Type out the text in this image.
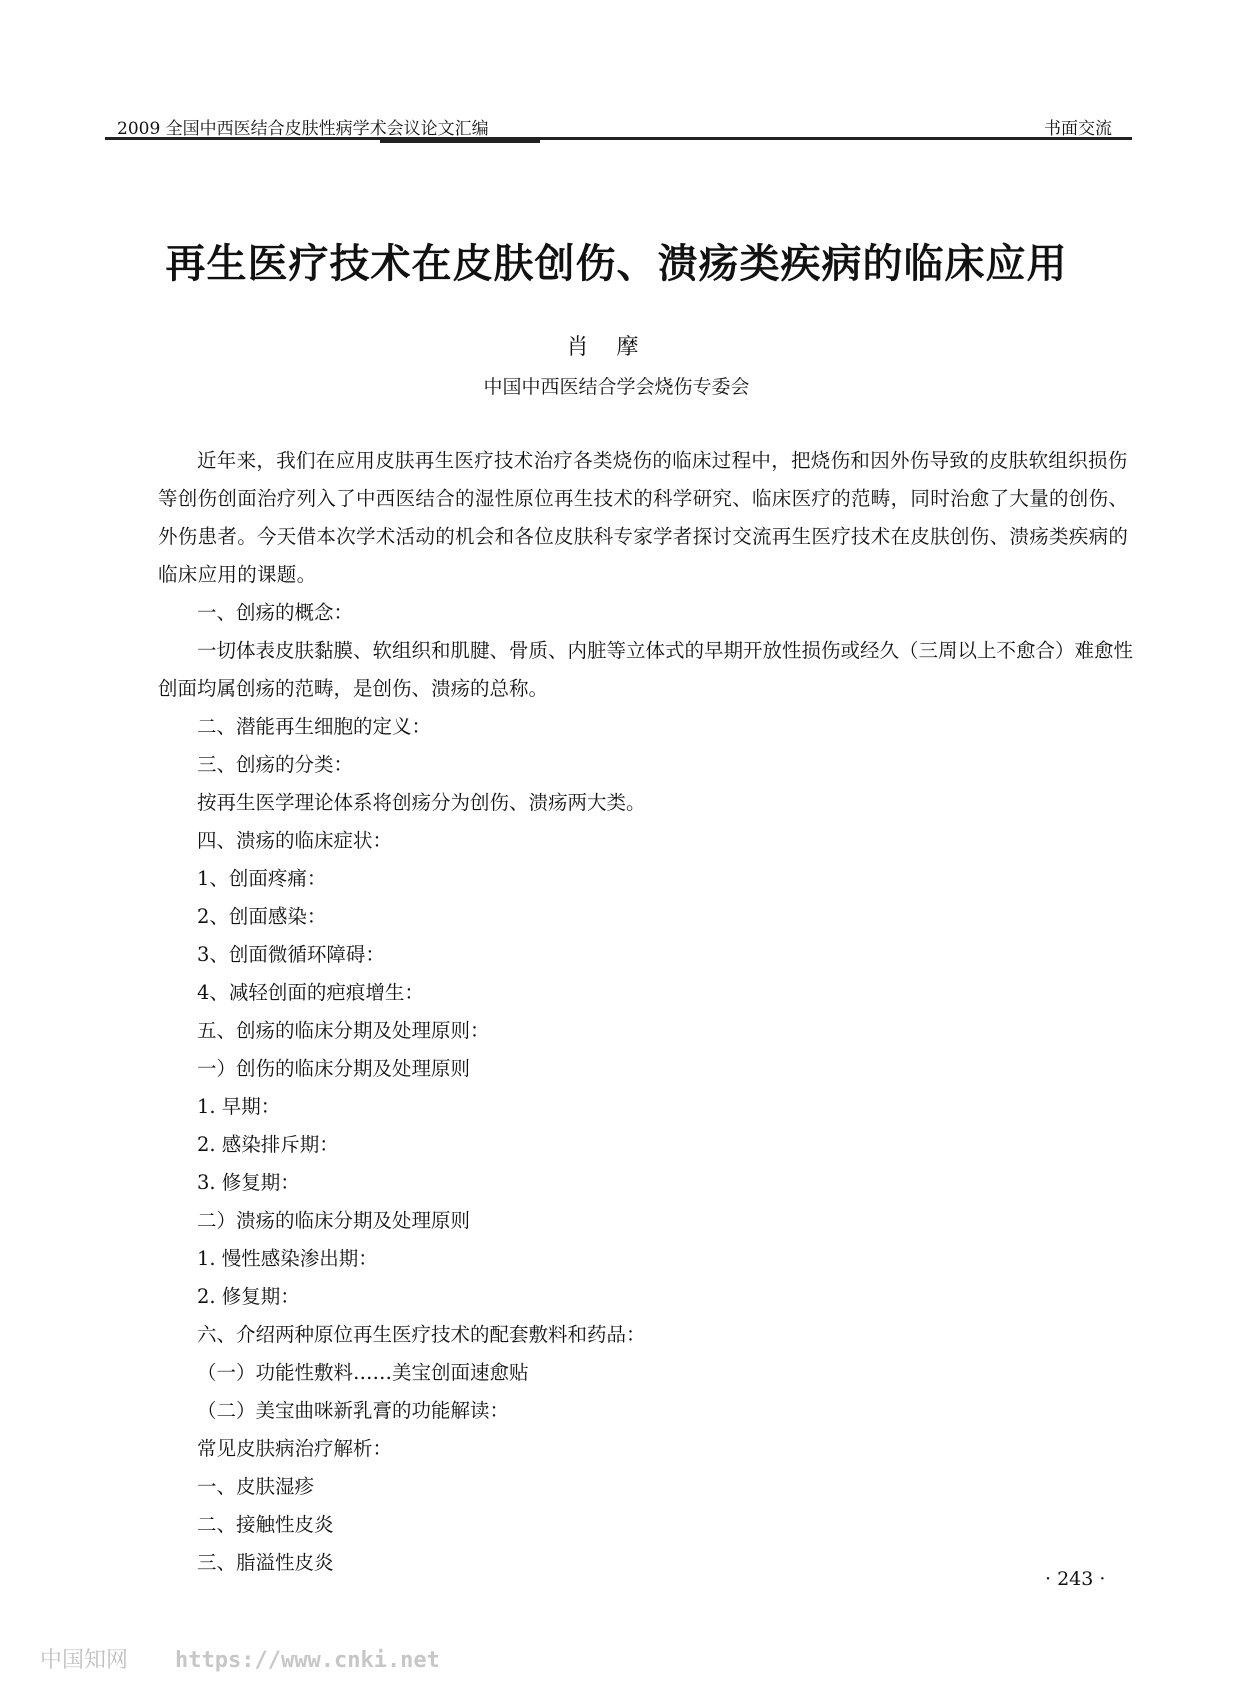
2009 全国中西医结合皮肤性病学术会议论文汇编	书面交流
再生医疗技术在皮肤创伤、溃疡类疾病的临床应用
肖摩
中国中西医结合学会烧伤专委会

近年来，我们在应用皮肤再生医疗技术治疗各类烧伤的临床过程中，把烧伤和因外伤导致的皮肤软组织损伤等创伤创面治疗列入了中西医结合的湿性原位再生技术的科学研究、临床医疗的范畴，同时治愈了大量的创伤、外伤患者。今天借本次学术活动的机会和各位皮肤科专家学者探讨交流再生医疗技术在皮肤创伤、溃疡类疾病的临床应用的课题。

一、创疡的概念：

一切体表皮肤黏膜、软组织和肌腱、骨质、内脏等立体式的早期开放性损伤或经久（三周以上不愈合）难愈性创面均属创疡的范畴，是创伤、溃疡的总称。

二、潜能再生细胞的定义：

三、创疡的分类：

按再生医学理论体系将创疡分为创伤、溃疡两大类。

四、溃疡的临床症状：

1、创面疼痛：

2、创面感染：

3、创面微循环障碍：

4、减轻创面的疤痕增生：

五、创疡的临床分期及处理原则：

一）创伤的临床分期及处理原则

1. 早期：

2. 感染排斥期：

3. 修复期：

二）溃疡的临床分期及处理原则

1. 慢性感染渗出期：

2. 修复期：

六、介绍两种原位再生医疗技术的配套敷料和药品：

（一）功能性敷料……美宝创面速愈贴

（二）美宝曲咪新乳膏的功能解读：

常见皮肤病治疗解析：

一、皮肤湿疹

二、接触性皮炎

三、脂溢性皮炎

· 243 ·
中国知网 https://www.cnki.net
